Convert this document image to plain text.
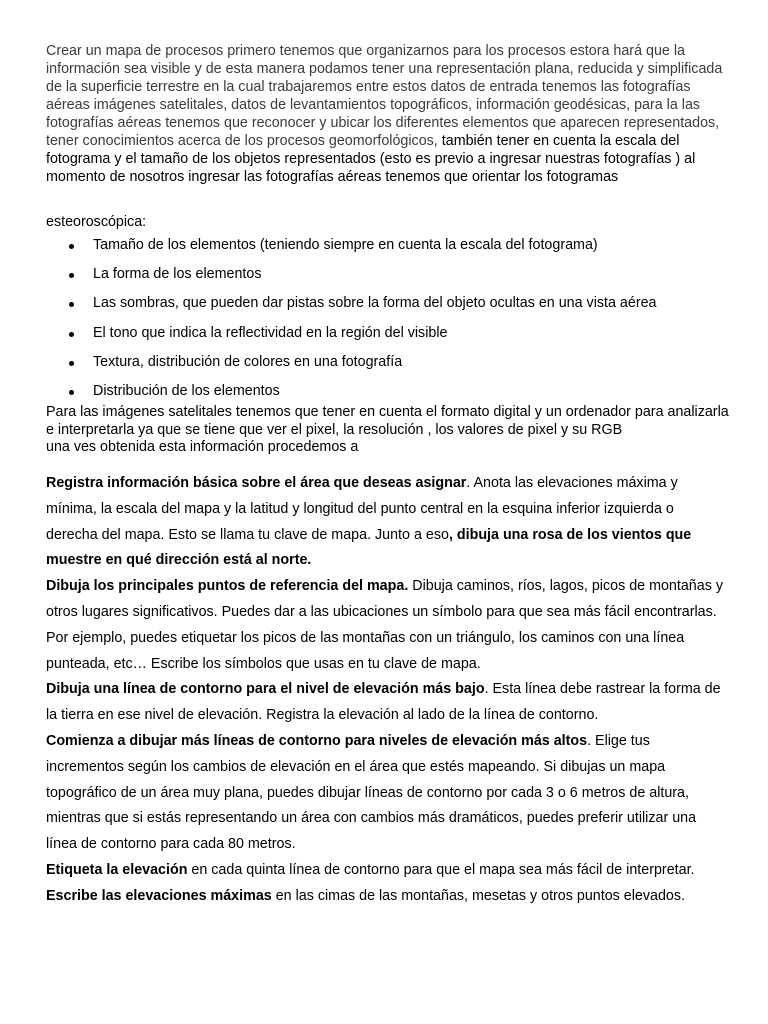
Crear un mapa de procesos primero tenemos que organizarnos para los procesos estora hará que la información sea visible y de esta manera podamos tener una representación plana, reducida y simplificada de la superficie terrestre en la cual trabajaremos entre estos datos de entrada tenemos las fotografías aéreas imágenes satelitales, datos de levantamientos topográficos, información geodésicas, para la las fotografías aéreas tenemos que reconocer y ubicar los diferentes elementos que aparecen representados, tener conocimientos acerca de los procesos geomorfológicos, también tener en cuenta la escala del fotograma y el tamaño de los objetos representados (esto es previo a ingresar nuestras fotografías ) al momento de nosotros ingresar las fotografías aéreas tenemos que orientar los fotogramas

esteoroscópica:
Tamaño de los elementos (teniendo siempre en cuenta la escala del fotograma)
La forma de los elementos
Las sombras, que pueden dar pistas sobre la forma del objeto ocultas en una vista aérea
El tono que indica la reflectividad en la región del visible
Textura, distribución de colores en una fotografía
Distribución de los elementos
Para las imágenes satelitales tenemos que tener en cuenta el formato digital y un ordenador para analizarla e interpretarla ya que se tiene que ver el pixel, la resolución , los valores de pixel y su RGB
una ves obtenida esta información procedemos a

Registra información básica sobre el área que deseas asignar. Anota las elevaciones máxima y mínima, la escala del mapa y la latitud y longitud del punto central en la esquina inferior izquierda o derecha del mapa. Esto se llama tu clave de mapa. Junto a eso, dibuja una rosa de los vientos que muestre en qué dirección está al norte.

Dibuja los principales puntos de referencia del mapa. Dibuja caminos, ríos, lagos, picos de montañas y otros lugares significativos. Puedes dar a las ubicaciones un símbolo para que sea más fácil encontrarlas. Por ejemplo, puedes etiquetar los picos de las montañas con un triángulo, los caminos con una línea punteada, etc… Escribe los símbolos que usas en tu clave de mapa.

Dibuja una línea de contorno para el nivel de elevación más bajo. Esta línea debe rastrear la forma de la tierra en ese nivel de elevación. Registra la elevación al lado de la línea de contorno.

Comienza a dibujar más líneas de contorno para niveles de elevación más altos. Elige tus incrementos según los cambios de elevación en el área que estés mapeando. Si dibujas un mapa topográfico de un área muy plana, puedes dibujar líneas de contorno por cada 3 o 6 metros de altura, mientras que si estás representando un área con cambios más dramáticos, puedes preferir utilizar una línea de contorno para cada 80 metros.

Etiqueta la elevación en cada quinta línea de contorno para que el mapa sea más fácil de interpretar.

Escribe las elevaciones máximas en las cimas de las montañas, mesetas y otros puntos elevados.
